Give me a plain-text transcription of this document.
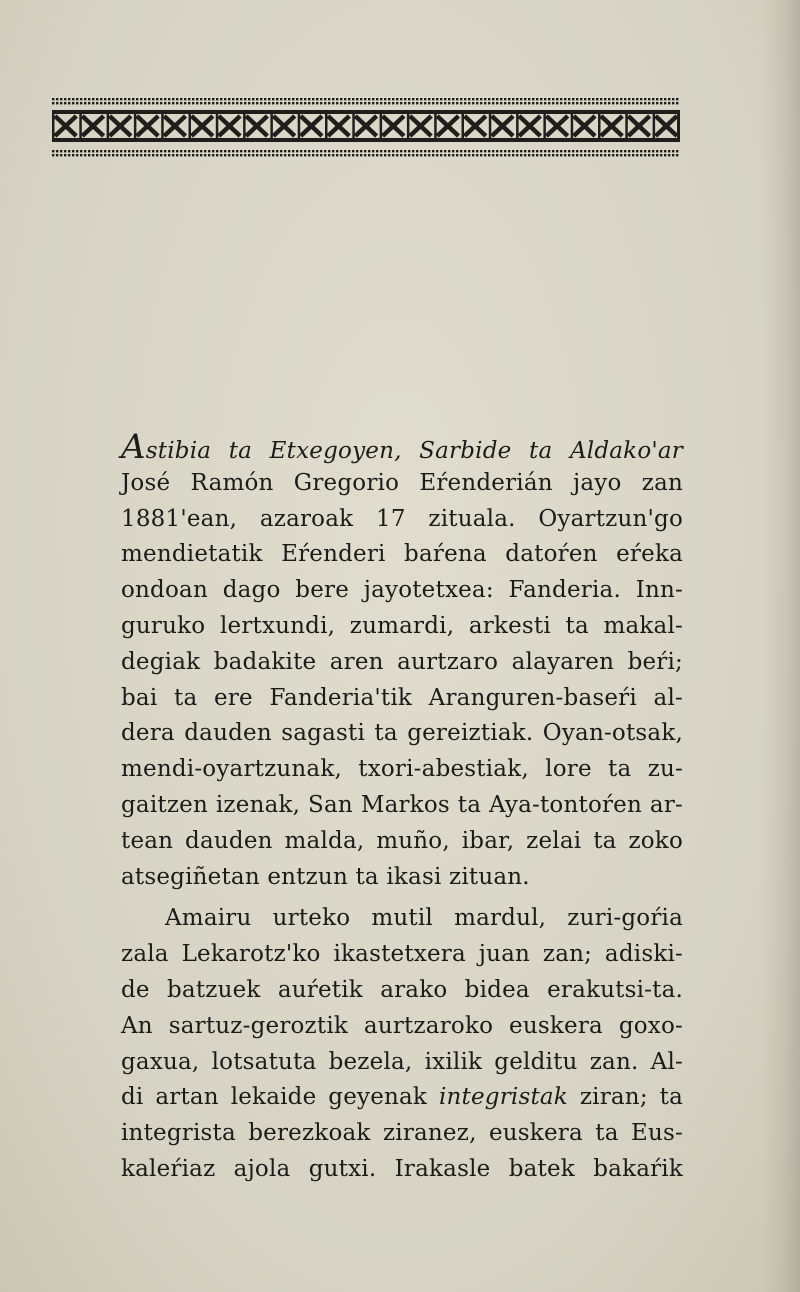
Astibia ta Etxegoyen, Sarbide ta Aldako'ar
José Ramón Gregorio Eŕenderián jayo zan
1881'ean, azaroak 17 zituala. Oyartzun'go
mendietatik Eŕenderi baŕena datoŕen eŕeka
ondoan dago bere jayotetxea: Fanderia. Inn-
guruko lertxundi, zumardi, arkesti ta makal-
degiak badakite aren aurtzaro alayaren beŕi;
bai ta ere Fanderia'tik Aranguren-baseŕi al-
dera dauden sagasti ta gereiztiak. Oyan-otsak,
mendi-oyartzunak, txori-abestiak, lore ta zu-
gaitzen izenak, San Markos ta Aya-tontoŕen ar-
tean dauden malda, muño, ibar, zelai ta zoko
atsegiñetan entzun ta ikasi zituan.
Amairu urteko mutil mardul, zuri-goŕia
zala Lekarotz'ko ikastetxera juan zan; adiski-
de batzuek auŕetik arako bidea erakutsi-ta.
An sartuz-geroztik aurtzaroko euskera goxo-
gaxua, lotsatuta bezela, ixilik gelditu zan. Al-
di artan lekaide geyenak integristak ziran; ta
integrista berezkoak ziranez, euskera ta Eus-
kaleŕiaz ajola gutxi. Irakasle batek bakaŕik
